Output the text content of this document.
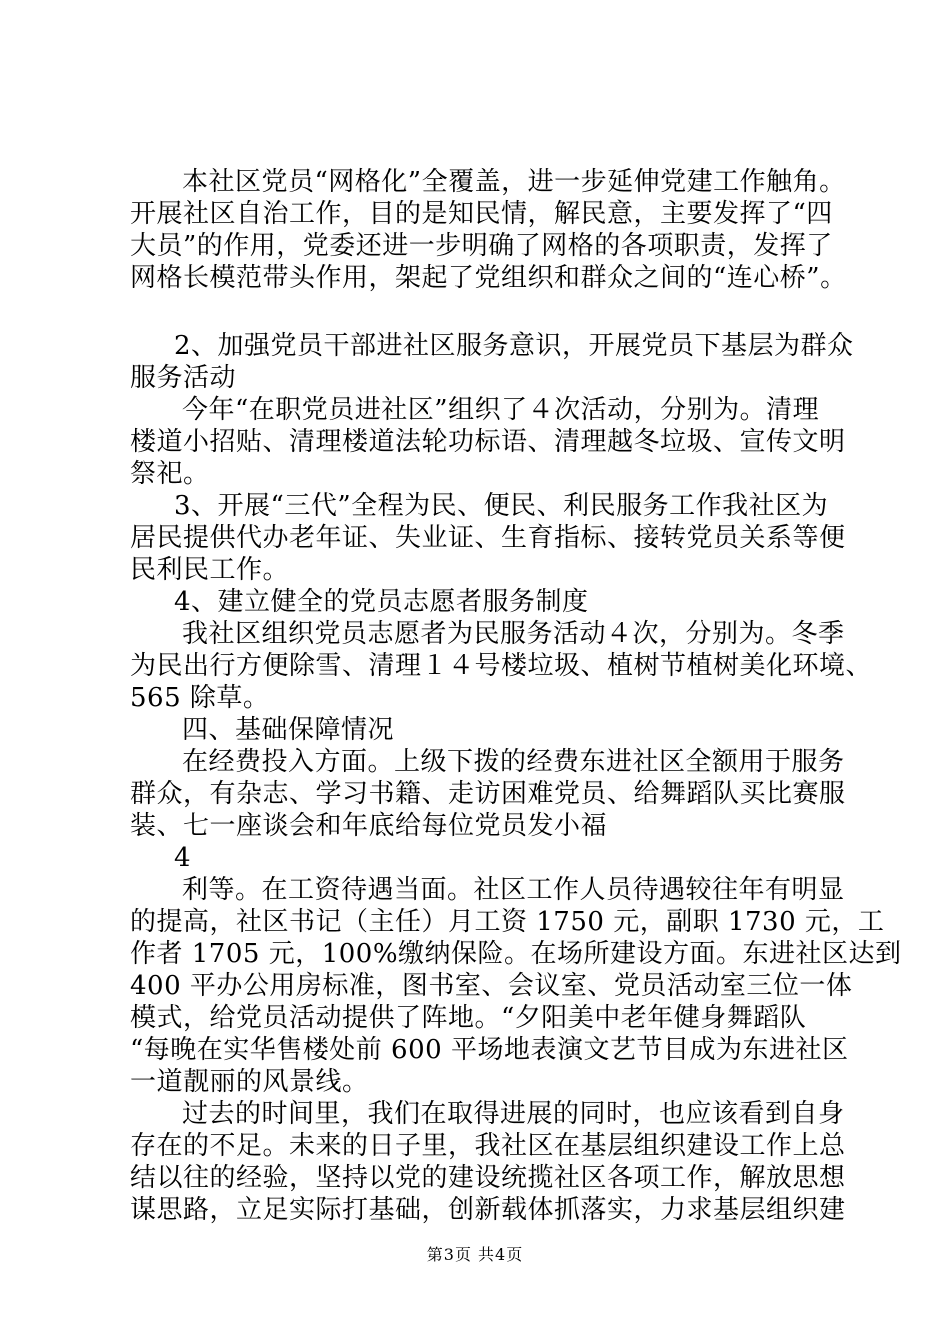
本社区党员“网格化”全覆盖，进一步延伸党建工作触角。
开展社区自治工作，目的是知民情，解民意，主要发挥了“四
大员”的作用，党委还进一步明确了网格的各项职责，发挥了
网格长模范带头作用，架起了党组织和群众之间的“连心桥”。
2、加强党员干部进社区服务意识，开展党员下基层为群众
服务活动
今年“在职党员进社区”组织了４次活动，分别为。清理
楼道小招贴、清理楼道法轮功标语、清理越冬垃圾、宣传文明
祭祀。
3、开展“三代”全程为民、便民、利民服务工作我社区为
居民提供代办老年证、失业证、生育指标、接转党员关系等便
民利民工作。
4、建立健全的党员志愿者服务制度
我社区组织党员志愿者为民服务活动４次，分别为。冬季
为民出行方便除雪、清理１４号楼垃圾、植树节植树美化环境、
565 除草。
四、基础保障情况
在经费投入方面。上级下拨的经费东进社区全额用于服务
群众，有杂志、学习书籍、走访困难党员、给舞蹈队买比赛服
装、七一座谈会和年底给每位党员发小福
4
利等。在工资待遇当面。社区工作人员待遇较往年有明显
的提高，社区书记（主任）月工资 1750 元，副职 1730 元，工
作者 1705 元，100%缴纳保险。在场所建设方面。东进社区达到
400 平办公用房标准，图书室、会议室、党员活动室三位一体
模式，给党员活动提供了阵地。“夕阳美中老年健身舞蹈队
“每晚在实华售楼处前 600 平场地表演文艺节目成为东进社区
一道靓丽的风景线。
过去的时间里，我们在取得进展的同时，也应该看到自身
存在的不足。未来的日子里，我社区在基层组织建设工作上总
结以往的经验，坚持以党的建设统揽社区各项工作，解放思想
谋思路，立足实际打基础，创新载体抓落实，力求基层组织建
第3页 共4页
